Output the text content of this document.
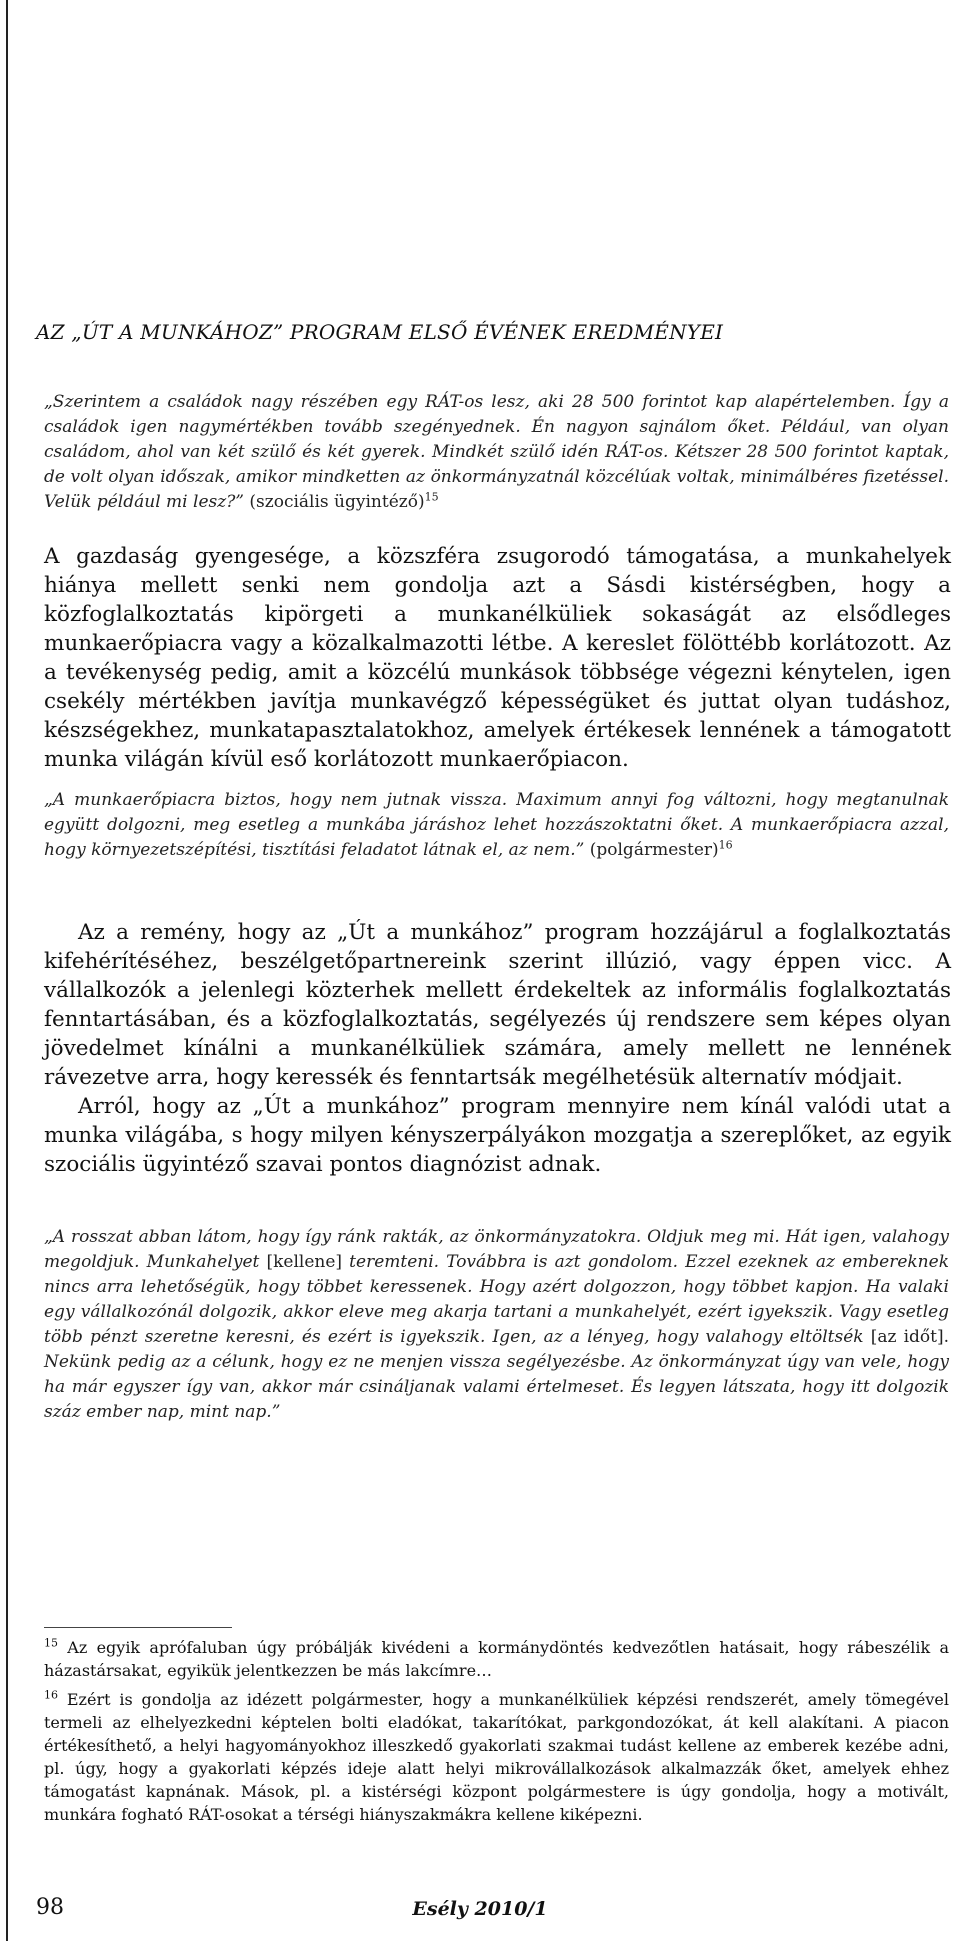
AZ „ÚT A MUNKÁHOZ” PROGRAM ELSŐ ÉVÉNEK EREDMÉNYEI

„Szerintem a családok nagy részében egy RÁT-os lesz, aki 28 500 forintot kap alapértelemben. Így a családok igen nagymértékben tovább szegényednek. Én nagyon sajnálom őket. Például, van olyan családom, ahol van két szülő és két gyerek. Mindkét szülő idén RÁT-os. Kétszer 28 500 forintot kaptak, de volt olyan időszak, amikor mindketten az önkormányzatnál közcélúak voltak, minimálbéres fizetéssel. Velük például mi lesz?” (szociális ügyintéző)$^{15}$

A gazdaság gyengesége, a közszféra zsugorodó támogatása, a munkahelyek hiánya mellett senki nem gondolja azt a Sásdi kistérségben, hogy a közfoglalkoztatás kipörgeti a munkanélküliek sokaságát az elsődleges munkaerőpiacra vagy a közalkalmazotti létbe. A kereslet fölöttébb korlátozott. Az a tevékenység pedig, amit a közcélú munkások többsége végezni kénytelen, igen csekély mértékben javítja munkavégző képességüket és juttat olyan tudáshoz, készségekhez, munkatapasztalatokhoz, amelyek értékesek lennének a támogatott munka világán kívül eső korlátozott munkaerőpiacon.

„A munkaerőpiacra biztos, hogy nem jutnak vissza. Maximum annyi fog változni, hogy megtanulnak együtt dolgozni, meg esetleg a munkába járáshoz lehet hozzászoktatni őket. A munkaerőpiacra azzal, hogy környezetszépítési, tisztítási feladatot látnak el, az nem.” (polgármester)$^{16}$

Az a remény, hogy az „Út a munkához” program hozzájárul a foglalkoztatás kifehérítéséhez, beszélgetőpartnereink szerint illúzió, vagy éppen vicc. A vállalkozók a jelenlegi közterhek mellett érdekeltek az informális foglalkoztatás fenntartásában, és a közfoglalkoztatás, segélyezés új rendszere sem képes olyan jövedelmet kínálni a munkanélküliek számára, amely mellett ne lennének rávezetve arra, hogy keressék és fenntartsák megélhetésük alternatív módjait.

Arról, hogy az „Út a munkához” program mennyire nem kínál valódi utat a munka világába, s hogy milyen kényszerpályákon mozgatja a szereplőket, az egyik szociális ügyintéző szavai pontos diagnózist adnak.

„A rosszat abban látom, hogy így ránk rakták, az önkormányzatokra. Oldjuk meg mi. Hát igen, valahogy megoldjuk. Munkahelyet [kellene] teremteni. Továbbra is azt gondolom. Ezzel ezeknek az embereknek nincs arra lehetőségük, hogy többet keressenek. Hogy azért dolgozzon, hogy többet kapjon. Ha valaki egy vállalkozónál dolgozik, akkor eleve meg akarja tartani a munkahelyét, ezért igyekszik. Vagy esetleg több pénzt szeretne keresni, és ezért is igyekszik. Igen, az a lényeg, hogy valahogy eltöltsék [az időt]. Nekünk pedig az a célunk, hogy ez ne menjen vissza segélyezésbe. Az önkormányzat úgy van vele, hogy ha már egyszer így van, akkor már csináljanak valami értelmeset. És legyen látszata, hogy itt dolgozik száz ember nap, mint nap.”

$^{15}$ Az egyik aprófaluban úgy próbálják kivédeni a kormánydöntés kedvezőtlen hatásait, hogy rábeszélik a házastársakat, egyikük jelentkezzen be más lakcímre…

$^{16}$ Ezért is gondolja az idézett polgármester, hogy a munkanélküliek képzési rendszerét, amely tömegével termeli az elhelyezkedni képtelen bolti eladókat, takarítókat, parkgondozókat, át kell alakítani. A piacon értékesíthető, a helyi hagyományokhoz illeszkedő gyakorlati szakmai tudást kellene az emberek kezébe adni, pl. úgy, hogy a gyakorlati képzés ideje alatt helyi mikrovállalkozások alkalmazzák őket, amelyek ehhez támogatást kapnának. Mások, pl. a kistérségi központ polgármestere is úgy gondolja, hogy a motivált, munkára fogható RÁT-osokat a térségi hiányszakmákra kellene kiképezni.

98	Esély 2010/1
